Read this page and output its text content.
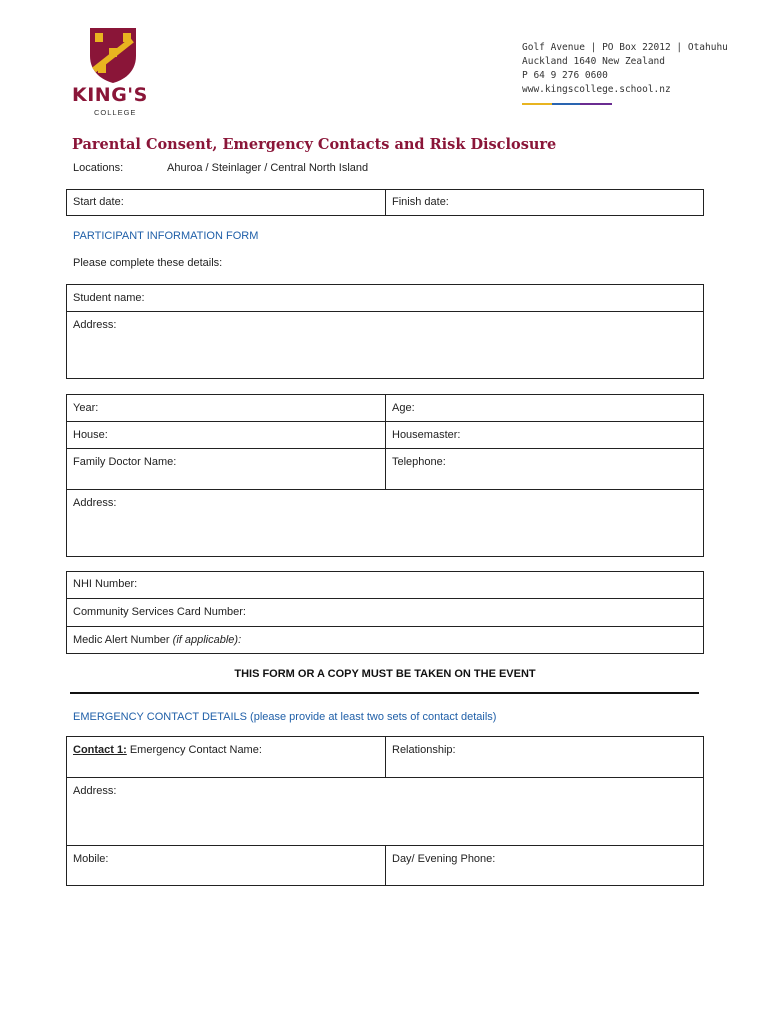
KING'S
COLLEGE
Golf Avenue | PO Box 22012 | Otahuhu
Auckland 1640 New Zealand
P 64 9 276 0600
www.kingscollege.school.nz
Parental Consent, Emergency Contacts and Risk Disclosure
Locations:	Ahuroa / Steinlager / Central North Island
Start date:	Finish date:
PARTICIPANT INFORMATION FORM
Please complete these details:
Student name:
Address:
Year:	Age:
House:	Housemaster:
Family Doctor Name:	Telephone:
Address:
NHI Number:
Community Services Card Number:
Medic Alert Number (if applicable):
THIS FORM OR A COPY MUST BE TAKEN ON THE EVENT
EMERGENCY CONTACT DETAILS (please provide at least two sets of contact details)
Contact 1: Emergency Contact Name:	Relationship:
Address:
Mobile:	Day/ Evening Phone:
